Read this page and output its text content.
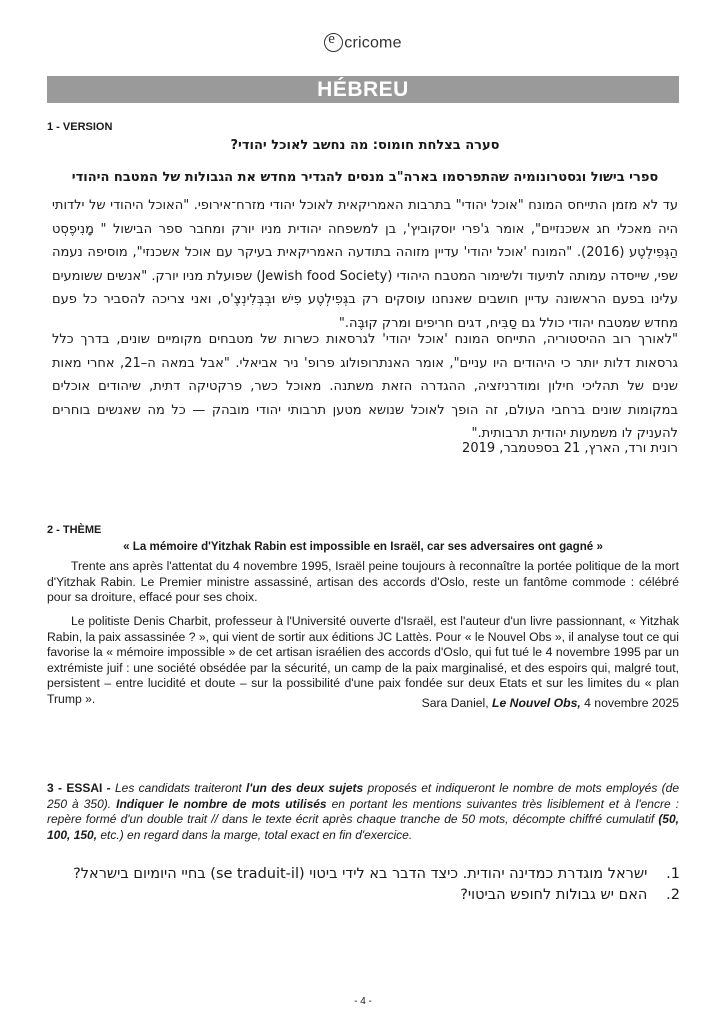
ecricome
HÉBREU
1 - VERSION
סערה בצלחת חומוס: מה נחשב לאוכל יהודי?
ספרי בישול וגסטרונומיה שהתפרסמו בארה"ב מנסים להגדיר מחדש את הגבולות של המטבח היהודי
עד לא מזמן התייחס המונח "אוכל יהודי" בתרבות האמריקאית לאוכל יהודי מזרח־אירופי. "האוכל היהודי של ילדותי היה מאכלי חג אשכנזיים", אומר ג'פרי יוסקוביץ', בן למשפחה יהודית מניו יורק ומחבר ספר הבישול " מָנִיפֶסְט הַגְּפִילְטֶע (2016). "המונח 'אוכל יהודי' עדיין מזוהה בתודעה האמריקאית בעיקר עם אוכל אשכנזי", מוסיפה נעמה שפי, שייסדה עמותה לתיעוד ולשימור המטבח היהודי (Jewish food Society) שפועלת מניו יורק. "אנשים ששומעים עלינו בפעם הראשונה עדיין חושבים שאנחנו עוסקים רק בגְּפִילְטֶע פִישׁ וּבְּבְּלִינְצֶ'ס, ואני צריכה להסביר כל פעם מחדש שמטבח יהודי כולל גם סַבִּיח, דגים חריפים ומרק קוּבֶּה."
"לאורך רוב ההיסטוריה, התייחס המונח 'אוכל יהודי' לגרסאות כשרות של מטבחים מקומיים שונים, בדרך כלל גרסאות דלות יותר כי היהודים היו עניים", אומר האנתרופולוג פרופ' ניר אביאלי. "אבל במאה ה–21, אחרי מאות שנים של תהליכי חילון ומודרניזציה, ההגדרה הזאת משתנה. מאוכל כשר, פרקטיקה דתית, שיהודים אוכלים במקומות שונים ברחבי העולם, זה הופך לאוכל שנושא מטען תרבותי יהודי מובהק — כל מה שאנשים בוחרים להעניק לו משמעות יהודית תרבותית."
רונית ורד, הארץ, 21 בספטמבר, 2019
2 - THÈME
« La mémoire d'Yitzhak Rabin est impossible en Israël, car ses adversaires ont gagné »
Trente ans après l'attentat du 4 novembre 1995, Israël peine toujours à reconnaître la portée politique de la mort d'Yitzhak Rabin. Le Premier ministre assassiné, artisan des accords d'Oslo, reste un fantôme commode : célébré pour sa droiture, effacé pour ses choix.
Le politiste Denis Charbit, professeur à l'Université ouverte d'Israël, est l'auteur d'un livre passionnant, « Yitzhak Rabin, la paix assassinée ? », qui vient de sortir aux éditions JC Lattès. Pour « le Nouvel Obs », il analyse tout ce qui favorise la « mémoire impossible » de cet artisan israélien des accords d'Oslo, qui fut tué le 4 novembre 1995 par un extrémiste juif : une société obsédée par la sécurité, un camp de la paix marginalisé, et des espoirs qui, malgré tout, persistent – entre lucidité et doute – sur la possibilité d'une paix fondée sur deux Etats et sur les limites du « plan Trump ».	Sara Daniel, Le Nouvel Obs, 4 novembre 2025
3 - ESSAI - Les candidats traiteront l'un des deux sujets proposés et indiqueront le nombre de mots employés (de 250 à 350). Indiquer le nombre de mots utilisés en portant les mentions suivantes très lisiblement et à l'encre : repère formé d'un double trait // dans le texte écrit après chaque tranche de 50 mots, décompte chiffré cumulatif (50, 100, 150, etc.) en regard dans la marge, total exact en fin d'exercice.
1. ישראל מוגדרת כמדינה יהודית. כיצד הדבר בא לידי ביטוי (se traduit-il) בחיי היומיום בישראל?
2. האם יש גבולות לחופש הביטוי?
- 4 -
